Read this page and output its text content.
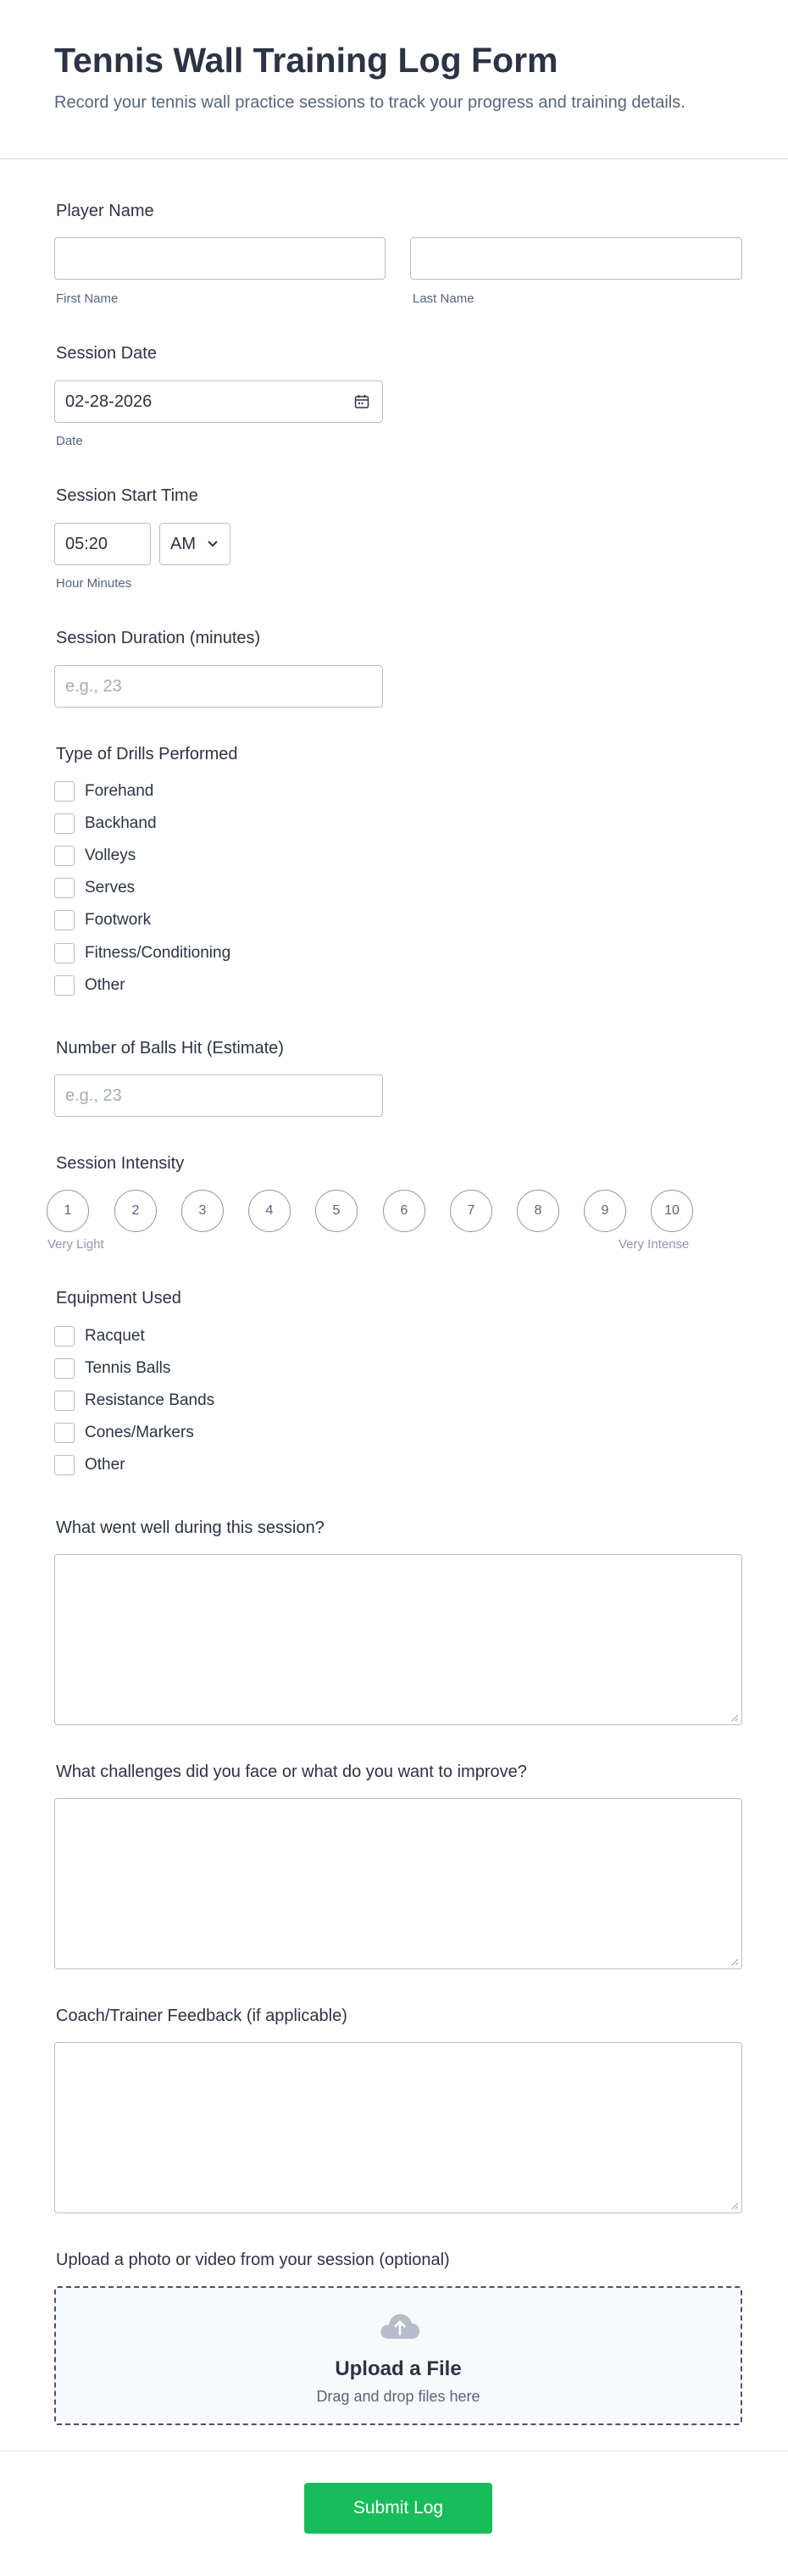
Tennis Wall Training Log Form
Record your tennis wall practice sessions to track your progress and training details.
Player Name
First Name	Last Name
Session Date
02-28-2026
Date
Session Start Time
05:20	AM
Hour Minutes
Session Duration (minutes)
e.g., 23
Type of Drills Performed
Forehand
Backhand
Volleys
Serves
Footwork
Fitness/Conditioning
Other
Number of Balls Hit (Estimate)
e.g., 23
Session Intensity
1	2	3	4	5	6	7	8	9	10
Very Light	Very Intense
Equipment Used
Racquet
Tennis Balls
Resistance Bands
Cones/Markers
Other
What went well during this session?
What challenges did you face or what do you want to improve?
Coach/Trainer Feedback (if applicable)
Upload a photo or video from your session (optional)
Upload a File
Drag and drop files here
Submit Log
